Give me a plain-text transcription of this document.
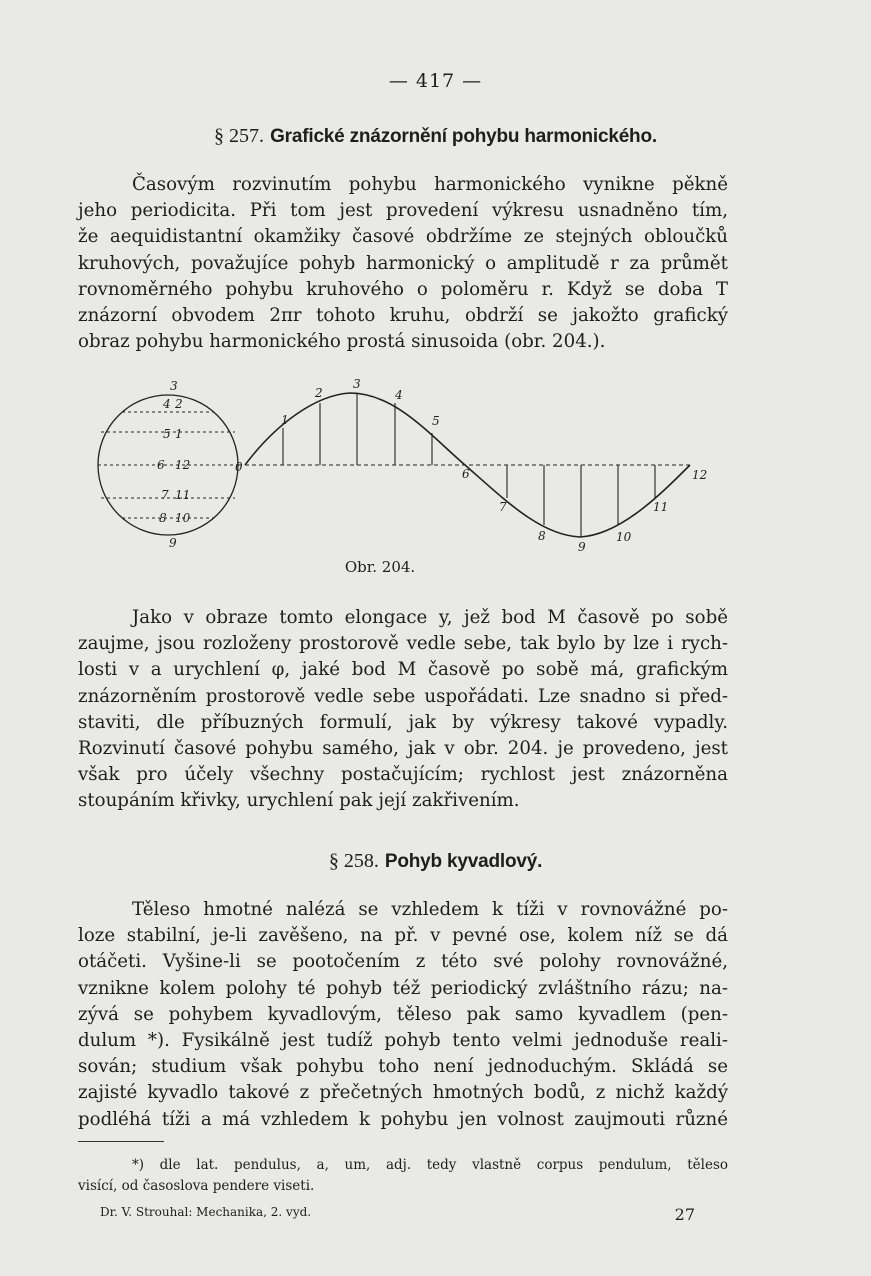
— 417 —
§ 257. Grafické znázornění pohybu harmonického.
Časovým rozvinutím pohybu harmonického vynikne pěkně
jeho periodicita. Při tom jest provedení výkresu usnadněno tím,
že aequidistantní okamžiky časové obdržíme ze stejných obloučků
kruhových, považujíce pohyb harmonický o amplitudě r za průmět
rovnoměrného pohybu kruhového o poloměru r. Když se doba T
znázorní obvodem 2πr tohoto kruhu, obdrží se jakožto grafický
obraz pohybu harmonického prostá sinusoida (obr. 204.).
3
4 2
5 1
6 12	0
7 11
8 10
9
1
2
3
4
5
6
7
8
9
10
11
12
Obr. 204.
Jako v obraze tomto elongace y, jež bod M časově po sobě
zaujme, jsou rozloženy prostorově vedle sebe, tak bylo by lze i rych-
losti v a urychlení φ, jaké bod M časově po sobě má, grafickým
znázorněním prostorově vedle sebe uspořádati. Lze snadno si před-
staviti, dle příbuzných formulí, jak by výkresy takové vypadly.
Rozvinutí časové pohybu samého, jak v obr. 204. je provedeno, jest
však pro účely všechny postačujícím; rychlost jest znázorněna
stoupáním křivky, urychlení pak její zakřivením.
§ 258. Pohyb kyvadlový.
Těleso hmotné nalézá se vzhledem k tíži v rovnovážné po-
loze stabilní, je-li zavěšeno, na př. v pevné ose, kolem níž se dá
otáčeti. Vyšine-li se pootočením z této své polohy rovnovážné,
vznikne kolem polohy té pohyb též periodický zvláštního rázu; na-
zývá se pohybem kyvadlovým, těleso pak samo kyvadlem (pen-
dulum *). Fysikálně jest tudíž pohyb tento velmi jednoduše reali-
sován; studium však pohybu toho není jednoduchým. Skládá se
zajisté kyvadlo takové z přečetných hmotných bodů, z nichž každý
podléhá tíži a má vzhledem k pohybu jen volnost zaujmouti různé
*) dle lat. pendulus, a, um, adj. tedy vlastně corpus pendulum, těleso
visící, od časoslova pendere viseti.
Dr. V. Strouhal: Mechanika, 2. vyd.	27
